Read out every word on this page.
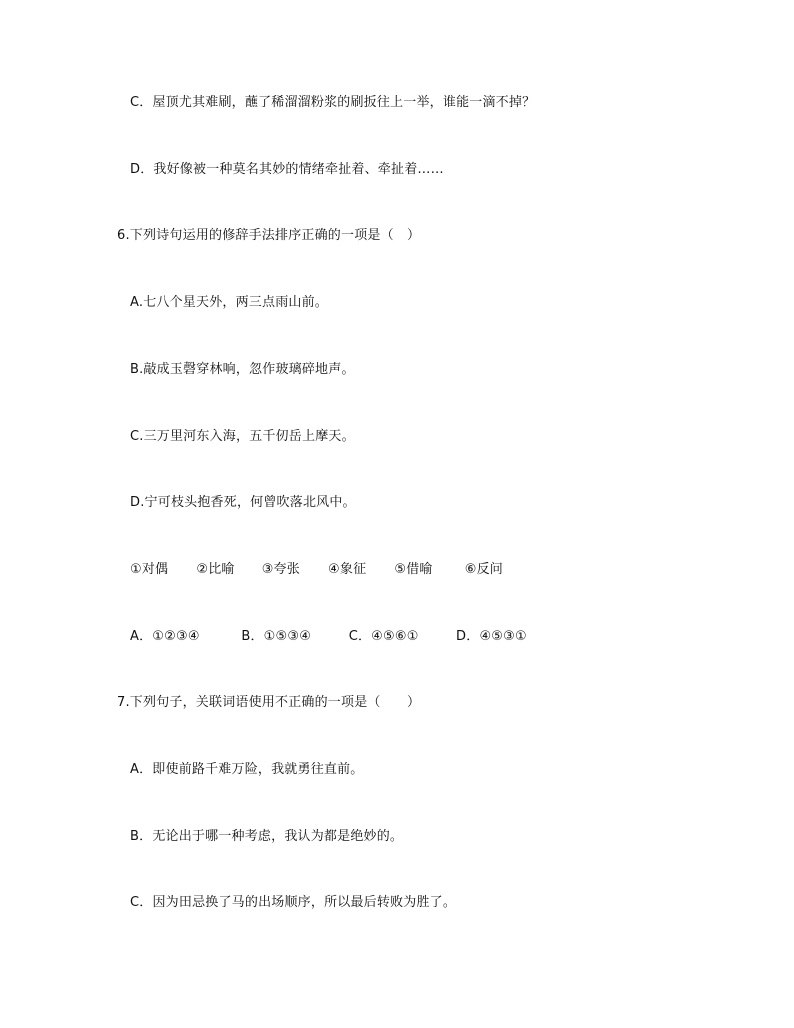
C．屋顶尤其难刷，蘸了稀溜溜粉浆的刷扳往上一举，谁能一滴不掉？
D．我好像被一种莫名其妙的情绪牵扯着、牵扯着……
6.下列诗句运用的修辞手法排序正确的一项是（　）
A.七八个星天外，两三点雨山前。
B.敲成玉磬穿林响，忽作玻璃碎地声。
C.三万里河东入海，五千仞岳上摩天。
D.宁可枝头抱香死，何曾吹落北风中。
①对偶 ②比喻 ③夸张 ④象征 ⑤借喻 ⑥反问
A．①②③④	B．①⑤③④	C．④⑤⑥①	D．④⑤③①
7.下列句子，关联词语使用不正确的一项是（　　）
A．即使前路千难万险，我就勇往直前。
B．无论出于哪一种考虑，我认为都是绝妙的。
C．因为田忌换了马的出场顺序，所以最后转败为胜了。
